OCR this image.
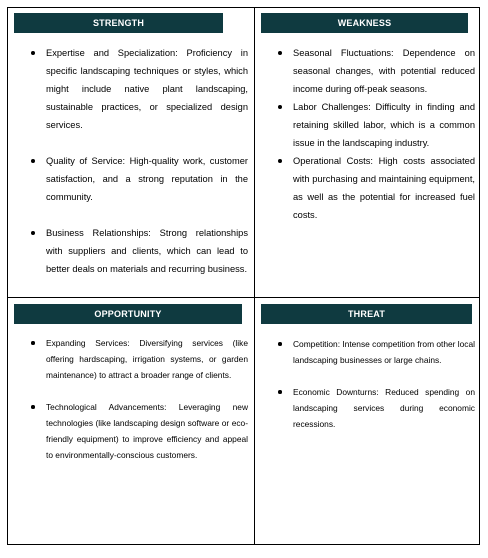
STRENGTH
Expertise and Specialization: Proficiency in specific landscaping techniques or styles, which might include native plant landscaping, sustainable practices, or specialized design services.
Quality of Service: High-quality work, customer satisfaction, and a strong reputation in the community.
Business Relationships: Strong relationships with suppliers and clients, which can lead to better deals on materials and recurring business.
WEAKNESS
Seasonal Fluctuations: Dependence on seasonal changes, with potential reduced income during off-peak seasons.
Labor Challenges: Difficulty in finding and retaining skilled labor, which is a common issue in the landscaping industry.
Operational Costs: High costs associated with purchasing and maintaining equipment, as well as the potential for increased fuel costs.
OPPORTUNITY
Expanding Services: Diversifying services (like offering hardscaping, irrigation systems, or garden maintenance) to attract a broader range of clients.
Technological Advancements: Leveraging new technologies (like landscaping design software or eco-friendly equipment) to improve efficiency and appeal to environmentally-conscious customers.
THREAT
Competition: Intense competition from other local landscaping businesses or large chains.
Economic Downturns: Reduced spending on landscaping services during economic recessions.
